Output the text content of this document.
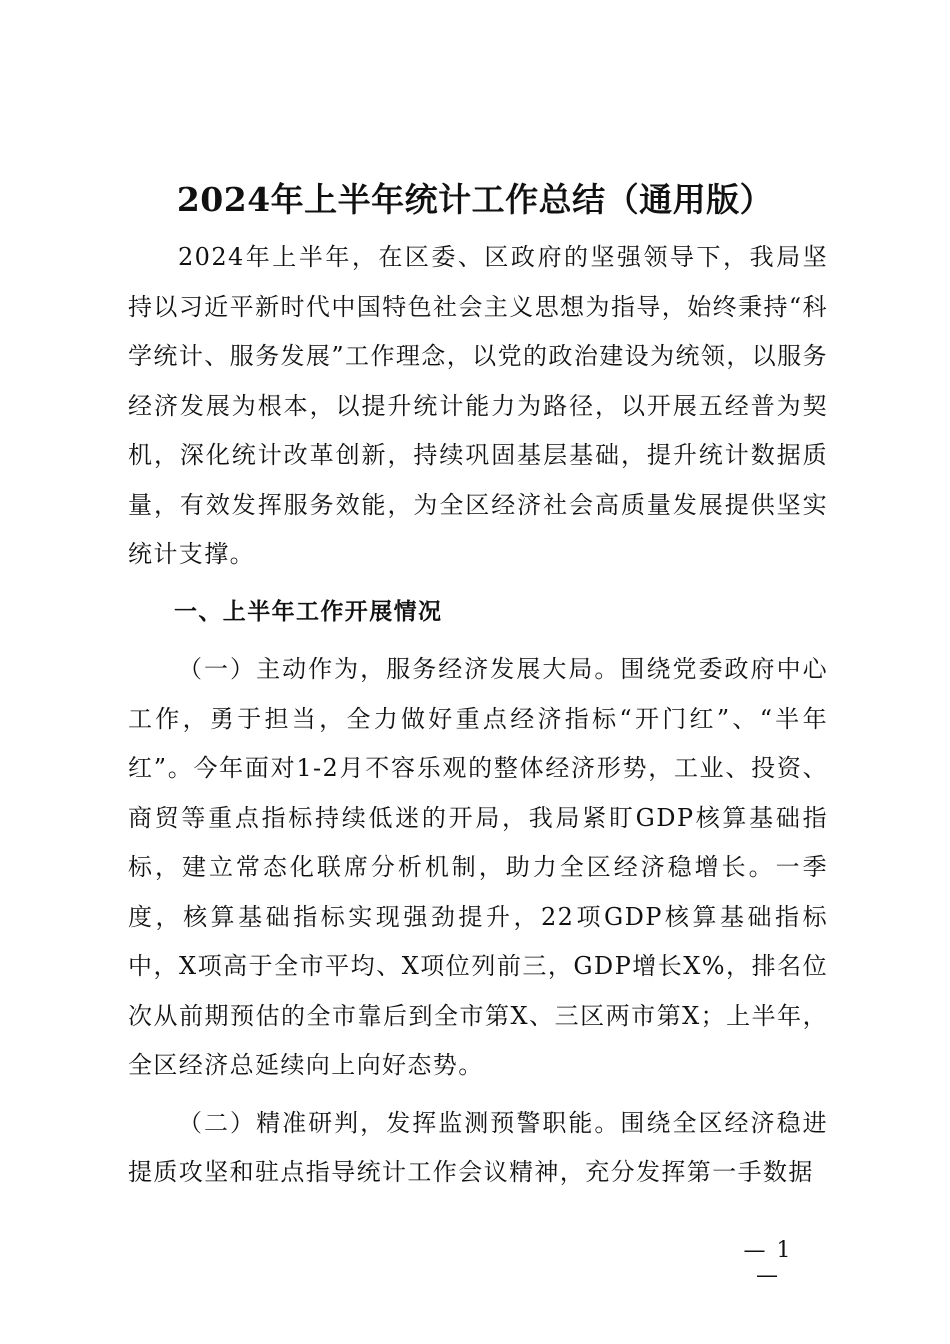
2024年上半年统计工作总结（通用版）

2024年上半年，在区委、区政府的坚强领导下，我局坚持以习近平新时代中国特色社会主义思想为指导，始终秉持“科学统计、服务发展”工作理念，以党的政治建设为统领，以服务经济发展为根本，以提升统计能力为路径，以开展五经普为契机，深化统计改革创新，持续巩固基层基础，提升统计数据质量，有效发挥服务效能，为全区经济社会高质量发展提供坚实统计支撑。

一、上半年工作开展情况

（一）主动作为，服务经济发展大局。围绕党委政府中心工作，勇于担当，全力做好重点经济指标“开门红”、“半年红”。今年面对1-2月不容乐观的整体经济形势，工业、投资、商贸等重点指标持续低迷的开局，我局紧盯GDP核算基础指标，建立常态化联席分析机制，助力全区经济稳增长。一季度，核算基础指标实现强劲提升，22项GDP核算基础指标中，X项高于全市平均、X项位列前三，GDP增长X%，排名位次从前期预估的全市靠后到全市第X、三区两市第X；上半年，全区经济总延续向上向好态势。

（二）精准研判，发挥监测预警职能。围绕全区经济稳进提质攻坚和驻点指导统计工作会议精神，充分发挥第一手数据

— 1 —
